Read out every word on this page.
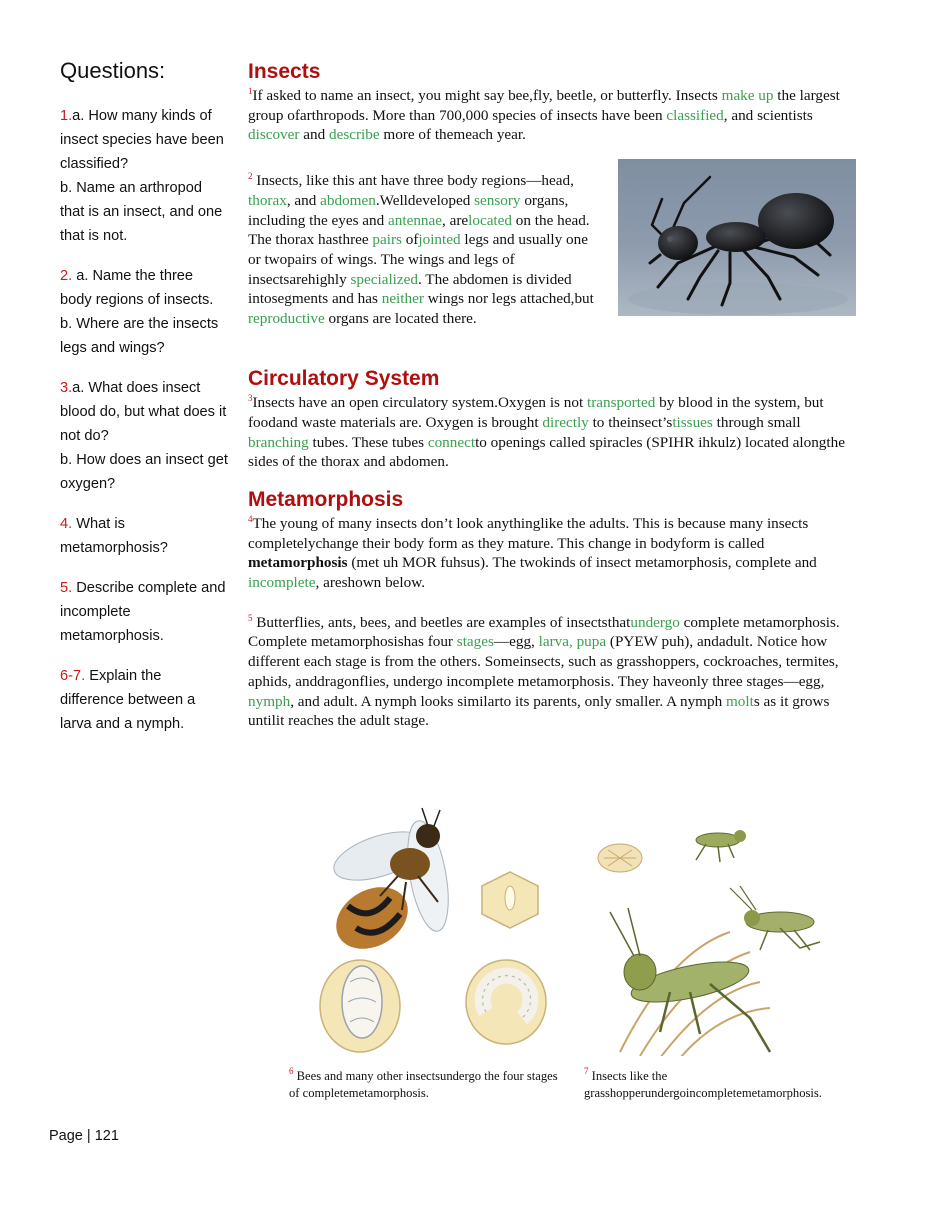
Questions:
1.a. How many kinds of insect species have been classified?
b. Name an arthropod that is an insect, and one that is not.
2. a. Name the three body regions of insects.
b. Where are the insects legs and wings?
3.a. What does insect blood do, but what does it not do?
b. How does an insect get oxygen?
4. What is metamorphosis?
5. Describe complete and incomplete metamorphosis.
6-7. Explain the difference between a larva and a nymph.
Insects

$^1$If asked to name an insect, you might say bee,fly, beetle, or butterfly. Insects make up the largest group ofarthropods. More than 700,000 species of insects have been classified, and scientists discover and describe more of themeach year.

$^2$ Insects, like this ant have three body regions—head, thorax, and abdomen.Welldeveloped sensory organs, including the eyes and antennae, arelocated on the head. The thorax hasthree pairs ofjointed legs and usually one or twopairs of wings. The wings and legs of insectsarehighly specialized. The abdomen is divided intosegments and has neither wings nor legs attached,but reproductive organs are located there.

Circulatory System

$^3$Insects have an open circulatory system.Oxygen is not transported by blood in the system, but foodand waste materials are. Oxygen is brought directly to theinsect’stissues through small branching tubes. These tubes connectto openings called spiracles (SPIHR ihkulz) located alongthe sides of the thorax and abdomen.

Metamorphosis

$^4$The young of many insects don’t look anythinglike the adults. This is because many insects completelychange their body form as they mature. This change in bodyform is called metamorphosis (met uh MOR fuhsus). The twokinds of insect metamorphosis, complete and incomplete, areshown below.

$^5$ Butterflies, ants, bees, and beetles are examples of insectsthatundergo complete metamorphosis. Complete metamorphosishas four stages—egg, larva, pupa (PYEW puh), andadult. Notice how different each stage is from the others. Someinsects, such as grasshoppers, cockroaches, termites, aphids, anddragonflies, undergo incomplete metamorphosis. They haveonly three stages—egg, nymph, and adult. A nymph looks similarto its parents, only smaller. A nymph molts as it grows untilit reaches the adult stage.

$^6$ Bees and many other insectsundergo the four stages of completemetamorphosis.
$^7$ Insects like the grasshopperundergoincompletemetamorphosis.
Page | 121
